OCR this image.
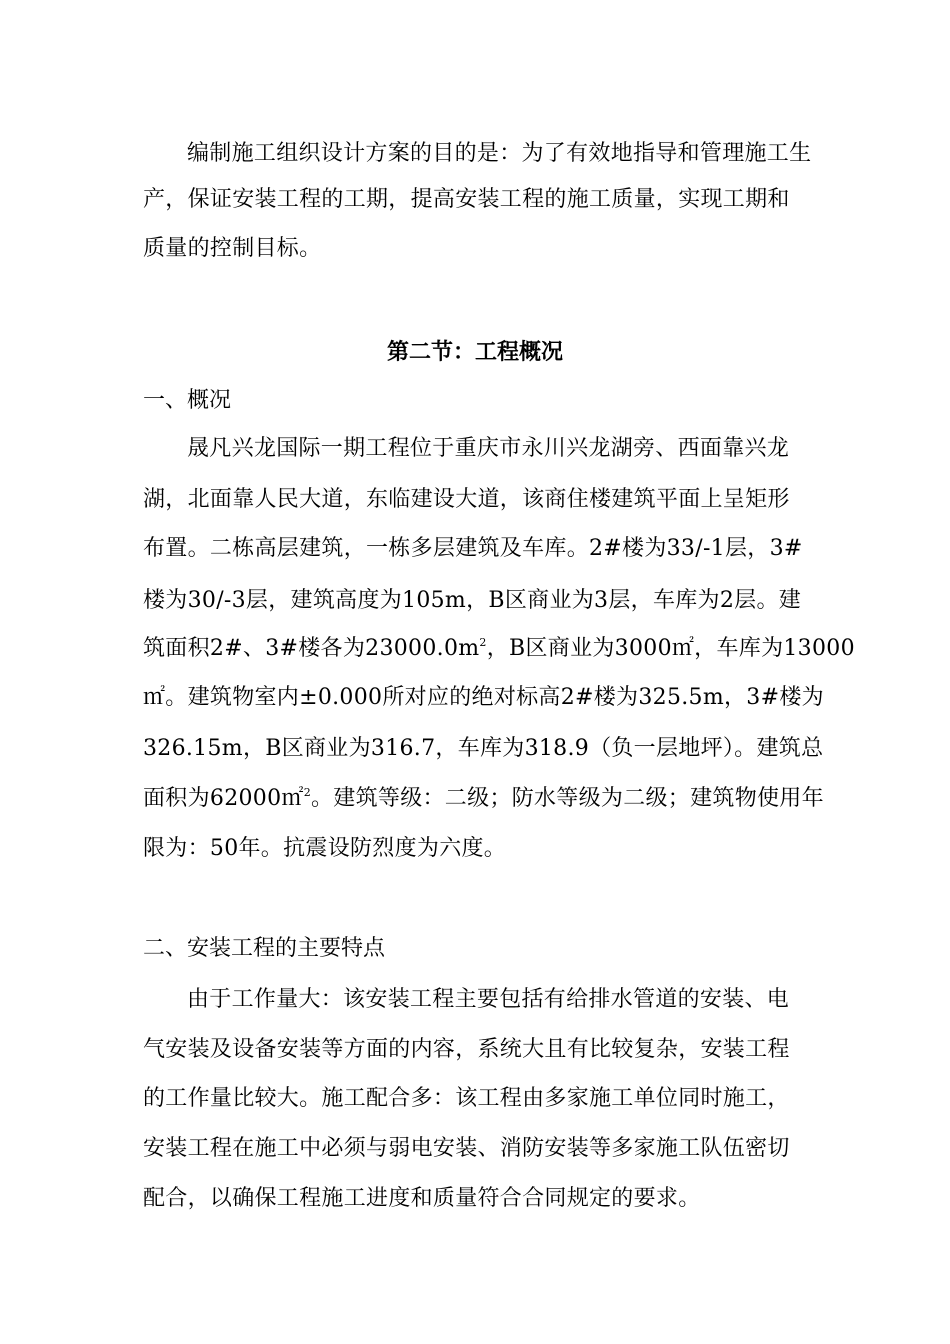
编制施工组织设计方案的目的是：为了有效地指导和管理施工生
产，保证安装工程的工期，提高安装工程的施工质量，实现工期和
质量的控制目标。
第二节：工程概况
一、概况
晟凡兴龙国际一期工程位于重庆市永川兴龙湖旁、西面靠兴龙
湖，北面靠人民大道，东临建设大道，该商住楼建筑平面上呈矩形
布置。二栋高层建筑，一栋多层建筑及车库。2#楼为33/-1层，3#
楼为30/-3层，建筑高度为105m，B区商业为3层，车库为2层。建
筑面积2#、3#楼各为$23000.0m^2$，B区商业为3000㎡，车库为13000
㎡。建筑物室内±0.000所对应的绝对标高2#楼为325.5m，3#楼为
326.15m，B区商业为316.7，车库为318.9（负一层地坪）。建筑总
面积为62000㎡$^2$。建筑等级：二级；防水等级为二级；建筑物使用年
限为：50年。抗震设防烈度为六度。
二、安装工程的主要特点
由于工作量大：该安装工程主要包括有给排水管道的安装、电
气安装及设备安装等方面的内容，系统大且有比较复杂，安装工程
的工作量比较大。施工配合多：该工程由多家施工单位同时施工，
安装工程在施工中必须与弱电安装、消防安装等多家施工队伍密切
配合，以确保工程施工进度和质量符合合同规定的要求。
